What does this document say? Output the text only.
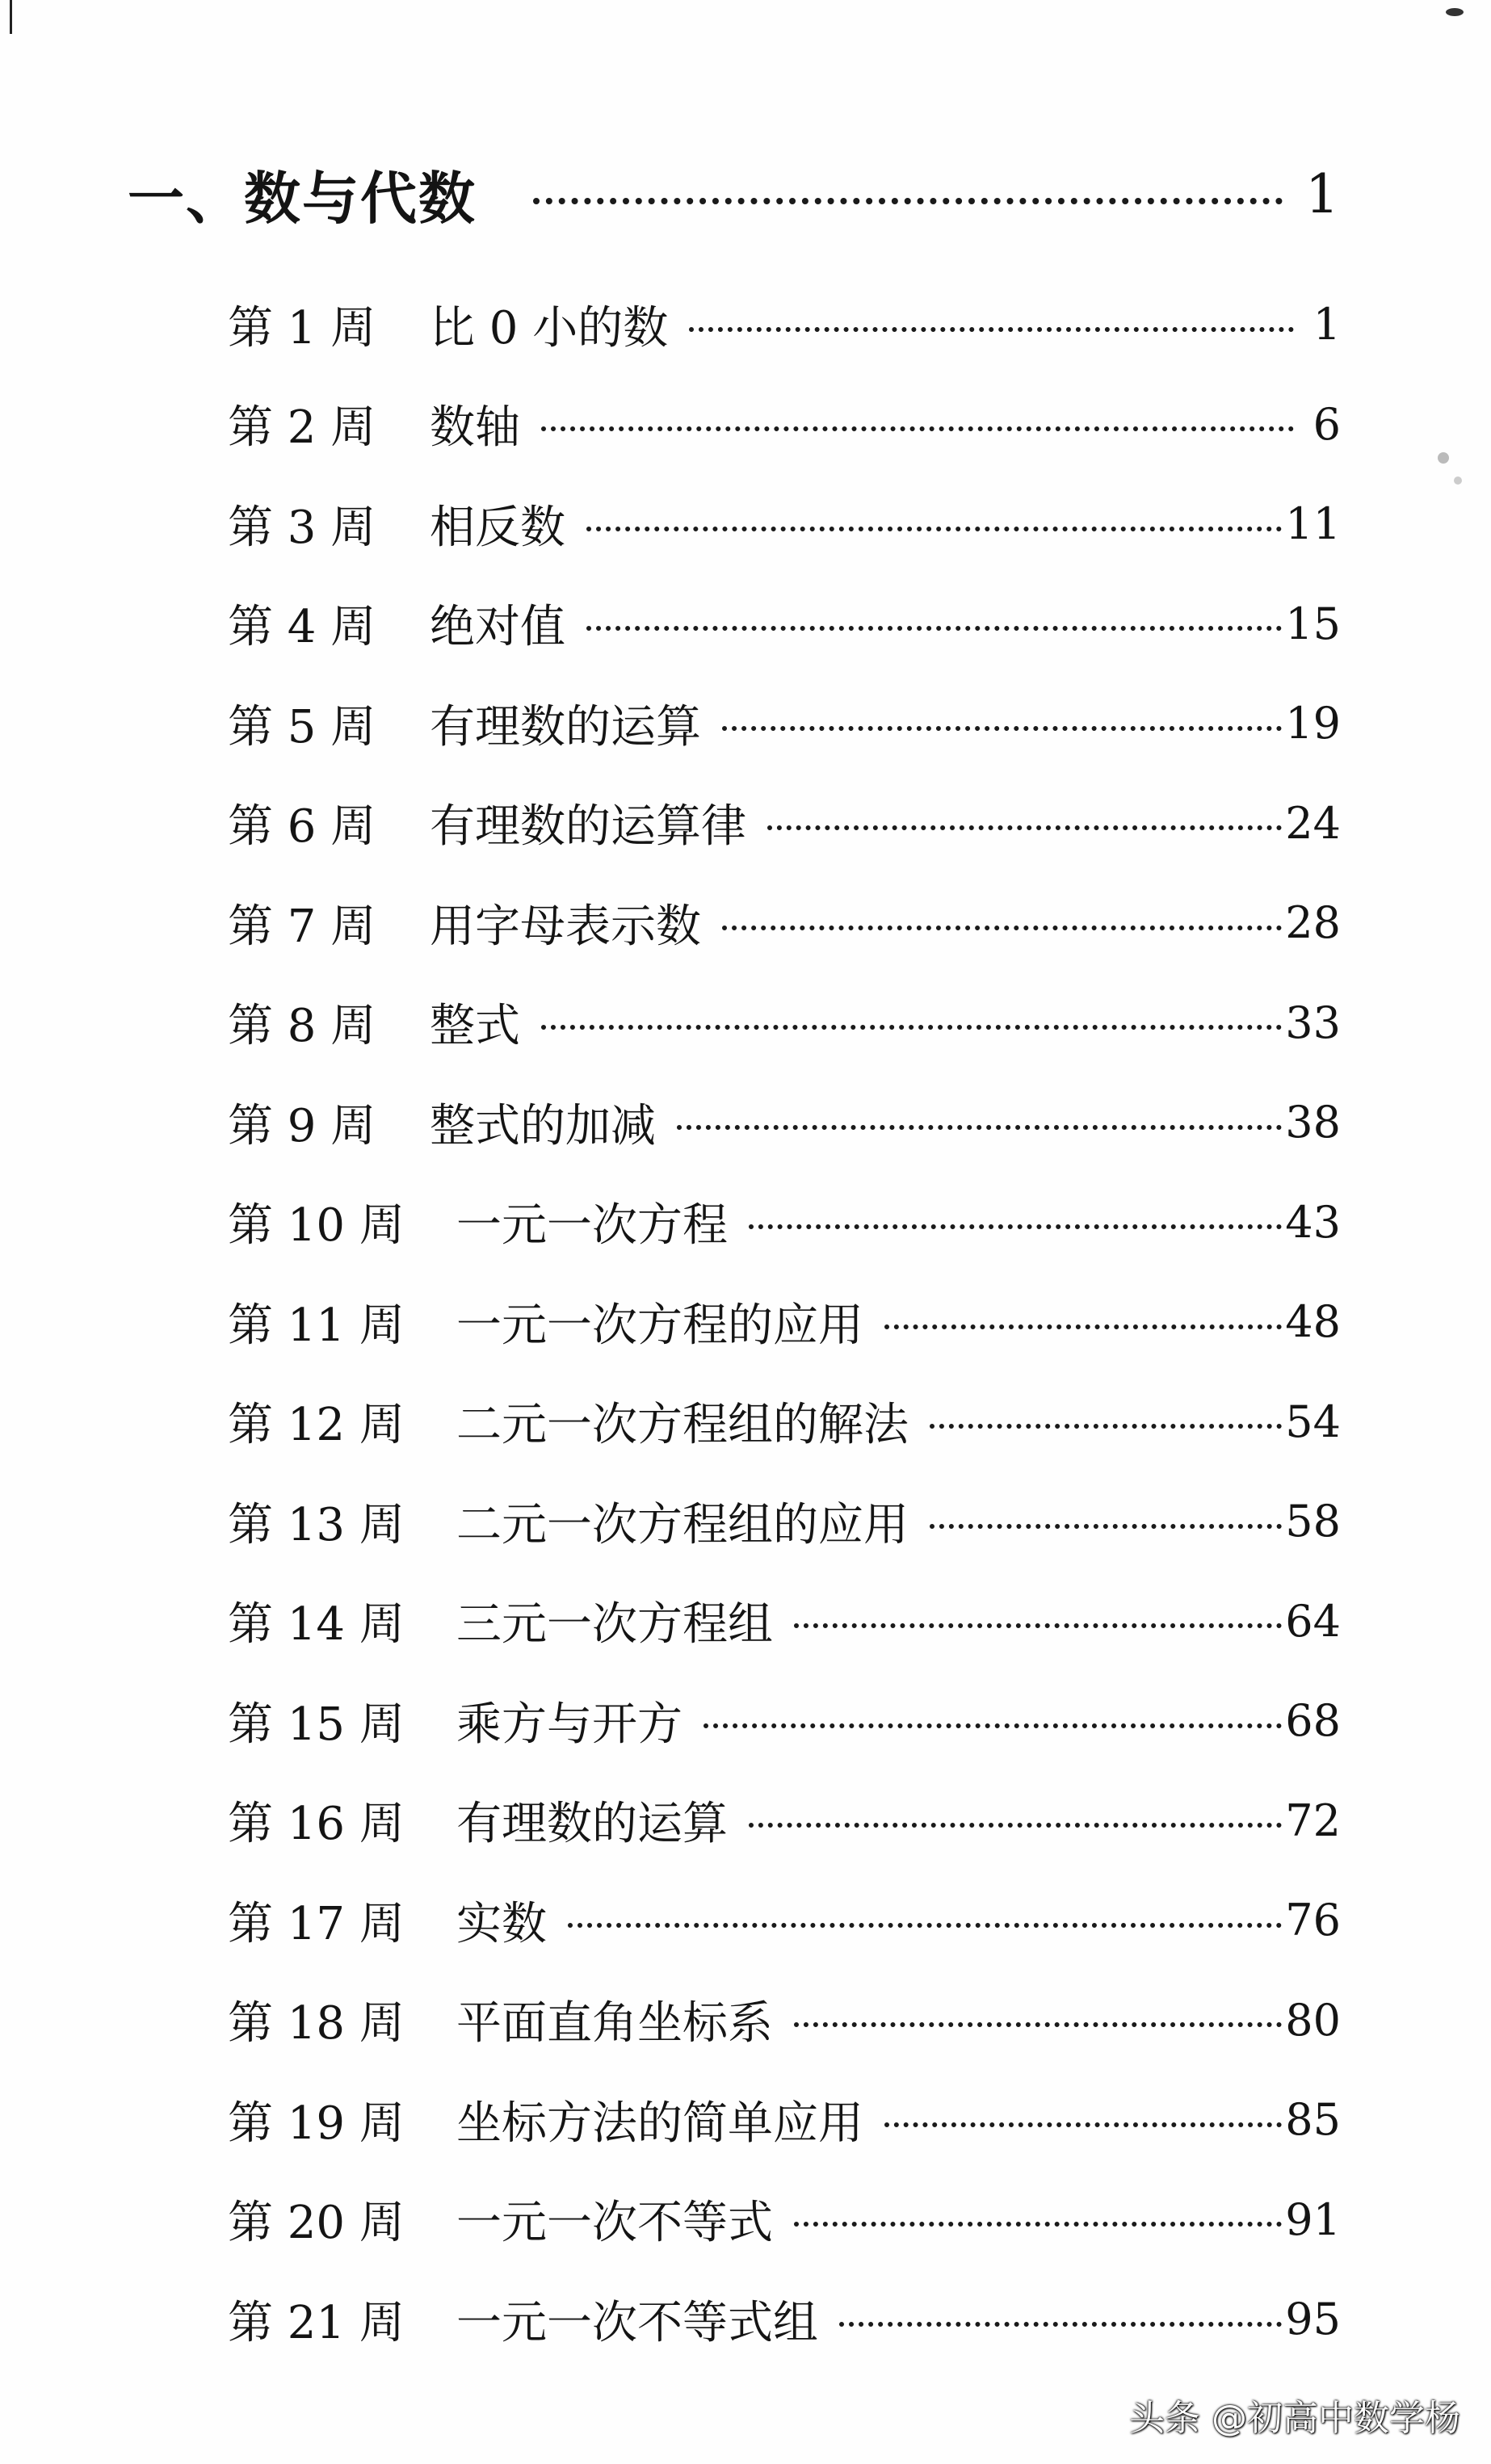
一、数与代数	1
第 1 周	比 0 小的数	1
第 2 周	数轴	6
第 3 周	相反数	11
第 4 周	绝对值	15
第 5 周	有理数的运算	19
第 6 周	有理数的运算律	24
第 7 周	用字母表示数	28
第 8 周	整式	33
第 9 周	整式的加减	38
第 10 周	一元一次方程	43
第 11 周	一元一次方程的应用	48
第 12 周	二元一次方程组的解法	54
第 13 周	二元一次方程组的应用	58
第 14 周	三元一次方程组	64
第 15 周	乘方与开方	68
第 16 周	有理数的运算	72
第 17 周	实数	76
第 18 周	平面直角坐标系	80
第 19 周	坐标方法的简单应用	85
第 20 周	一元一次不等式	91
第 21 周	一元一次不等式组	95
头条 @初高中数学杨
